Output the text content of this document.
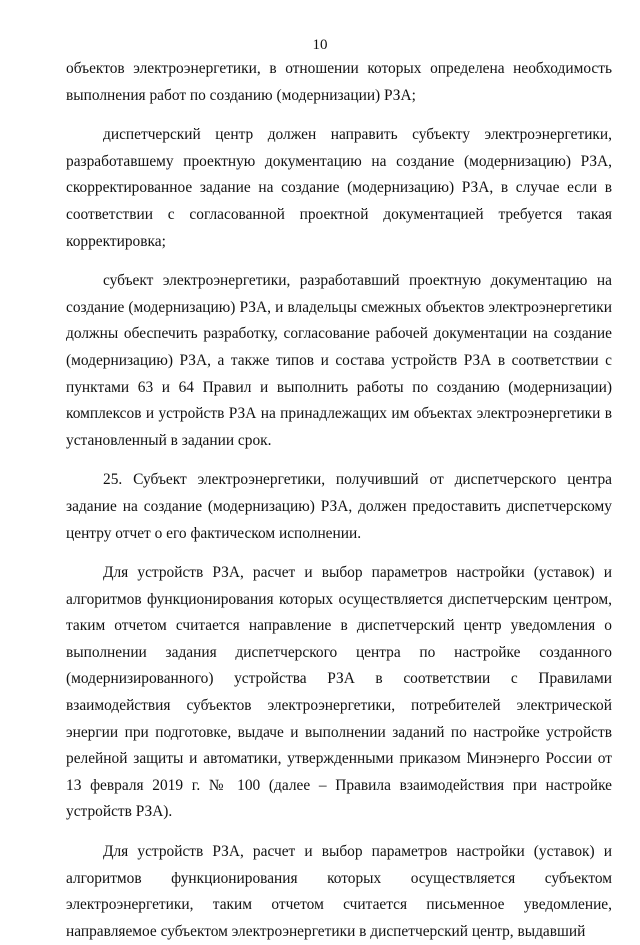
10

объектов электроэнергетики, в отношении которых определена необходимость выполнения работ по созданию (модернизации) РЗА;

диспетчерский центр должен направить субъекту электроэнергетики, разработавшему проектную документацию на создание (модернизацию) РЗА, скорректированное задание на создание (модернизацию) РЗА, в случае если в соответствии с согласованной проектной документацией требуется такая корректировка;

субъект электроэнергетики, разработавший проектную документацию на создание (модернизацию) РЗА, и владельцы смежных объектов электроэнергетики должны обеспечить разработку, согласование рабочей документации на создание (модернизацию) РЗА, а также типов и состава устройств РЗА в соответствии с пунктами 63 и 64 Правил и выполнить работы по созданию (модернизации) комплексов и устройств РЗА на принадлежащих им объектах электроэнергетики в установленный в задании срок.

25. Субъект электроэнергетики, получивший от диспетчерского центра задание на создание (модернизацию) РЗА, должен предоставить диспетчерскому центру отчет о его фактическом исполнении.

Для устройств РЗА, расчет и выбор параметров настройки (уставок) и алгоритмов функционирования которых осуществляется диспетчерским центром, таким отчетом считается направление в диспетчерский центр уведомления о выполнении задания диспетчерского центра по настройке созданного (модернизированного) устройства РЗА в соответствии с Правилами взаимодействия субъектов электроэнергетики, потребителей электрической энергии при подготовке, выдаче и выполнении заданий по настройке устройств релейной защиты и автоматики, утвержденными приказом Минэнерго России от 13 февраля 2019 г. № 100 (далее – Правила взаимодействия при настройке устройств РЗА).

Для устройств РЗА, расчет и выбор параметров настройки (уставок) и алгоритмов функционирования которых осуществляется субъектом электроэнергетики, таким отчетом считается письменное уведомление, направляемое субъектом электроэнергетики в диспетчерский центр, выдавший
